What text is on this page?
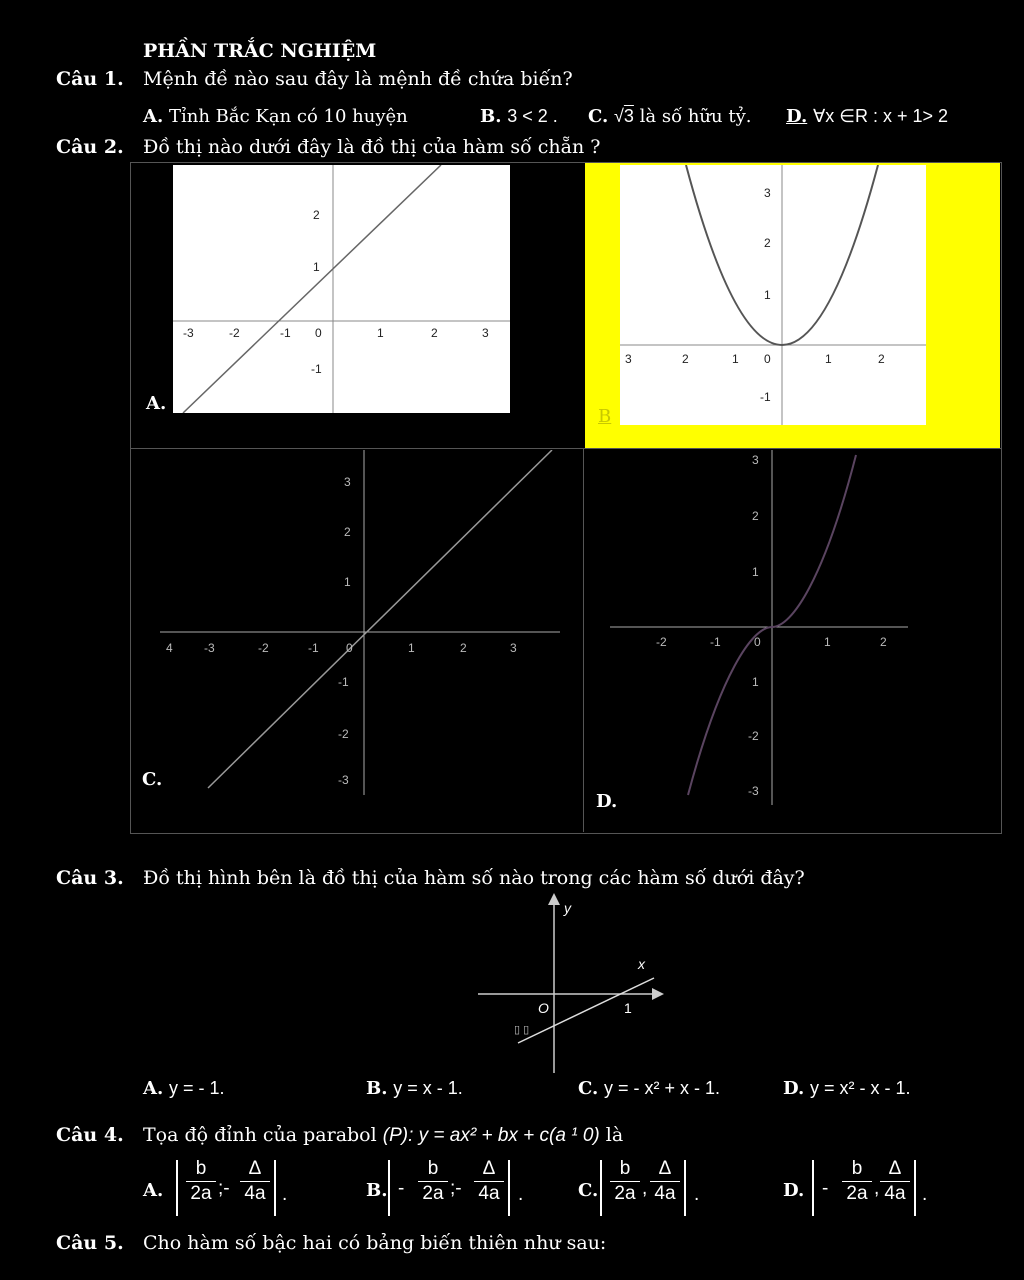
PHẦN TRẮC NGHIỆM
Câu 1. Mệnh đề nào sau đây là mệnh đề chứa biến?
A. Tỉnh Bắc Kạn có 10 huyện	B. 3 < 2 . C. √3 là số hữu tỷ. D. ∀x ∈R : x + 1> 2
Câu 2. Đồ thị nào dưới đây là đồ thị của hàm số chẵn ?
-3	-2	-1 0	1	2	3
2
1
-1
A.
3	2	1 0	1	2
3
2
1
-1
B
4	-3	-2	-1 0	1	2	3
3
2
1
-1
-2
-3
C.
-2	-1	0	1	2
3
2
1
1
-2
-3
D.
Câu 3. Đồ thị hình bên là đồ thị của hàm số nào trong các hàm số dưới đây?
y
x
O	1
▯ ▯
A. y = - 1.	B. y = x - 1.	C. y = - x² + x - 1.	D. y = x² - x - 1.
Câu 4. Tọa độ đỉnh của parabol (P): y = ax² + bx + c(a ¹ 0) là
A.
b
2a ;-
Δ
4a .	B. -
b
2a ;-
Δ
4a .	C.
b
2a ,
Δ
4a .	D. -
b
2a ,
Δ
4a .
Câu 5. Cho hàm số bậc hai có bảng biến thiên như sau:
